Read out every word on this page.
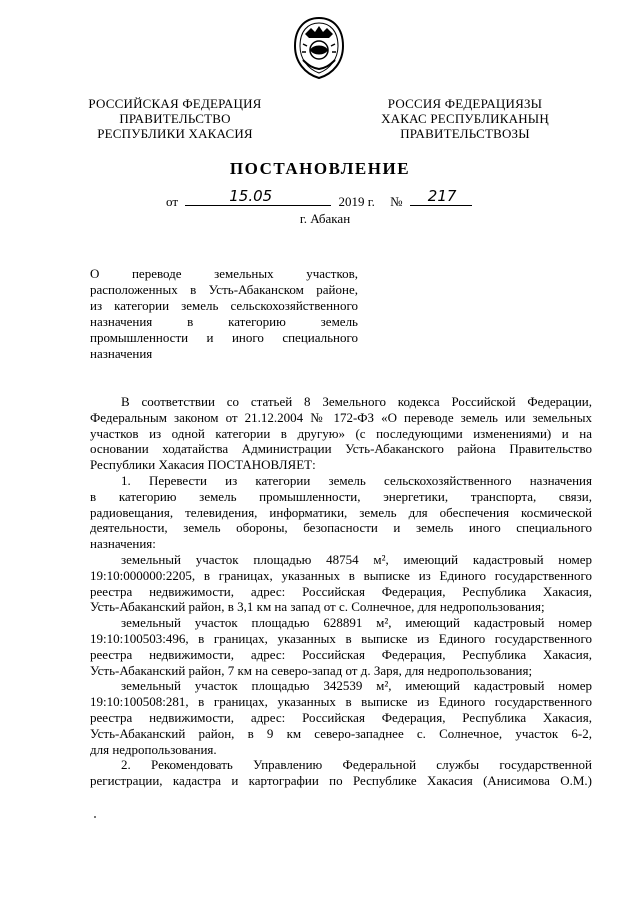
РОССИЙСКАЯ ФЕДЕРАЦИЯ
ПРАВИТЕЛЬСТВО
РЕСПУБЛИКИ ХАКАСИЯ
РОССИЯ ФЕДЕРАЦИЯЗЫ
ХАКАС РЕСПУБЛИКАНЫҢ
ПРАВИТЕЛЬСТВОЗЫ
ПОСТАНОВЛЕНИЕ
от	15.05	2019 г. № 217
г. Абакан
О переводе земельных участков,
расположенных в Усть-Абаканском районе,
из категории земель сельскохозяйственного
назначения в категорию земель
промышленности и иного специального
назначения
В соответствии со статьей 8 Земельного кодекса Российской Федерации,
Федеральным законом от 21.12.2004 № 172-ФЗ «О переводе земель или земельных
участков из одной категории в другую» (с последующими изменениями) и на
основании ходатайства Администрации Усть-Абаканского района Правительство
Республики Хакасия ПОСТАНОВЛЯЕТ:
1. Перевести из категории земель сельскохозяйственного назначения
в категорию земель промышленности, энергетики, транспорта, связи,
радиовещания, телевидения, информатики, земель для обеспечения космической
деятельности, земель обороны, безопасности и земель иного специального
назначения:
земельный участок площадью 48754 м², имеющий кадастровый номер
19:10:000000:2205, в границах, указанных в выписке из Единого государственного
реестра недвижимости, адрес: Российская Федерация, Республика Хакасия,
Усть-Абаканский район, в 3,1 км на запад от с. Солнечное, для недропользования;
земельный участок площадью 628891 м², имеющий кадастровый номер
19:10:100503:496, в границах, указанных в выписке из Единого государственного
реестра недвижимости, адрес: Российская Федерация, Республика Хакасия,
Усть-Абаканский район, 7 км на северо-запад от д. Заря, для недропользования;
земельный участок площадью 342539 м², имеющий кадастровый номер
19:10:100508:281, в границах, указанных в выписке из Единого государственного
реестра недвижимости, адрес: Российская Федерация, Республика Хакасия,
Усть-Абаканский район, в 9 км северо-западнее с. Солнечное, участок 6-2,
для недропользования.
2. Рекомендовать Управлению Федеральной службы государственной
регистрации, кадастра и картографии по Республике Хакасия (Анисимова О.М.)
